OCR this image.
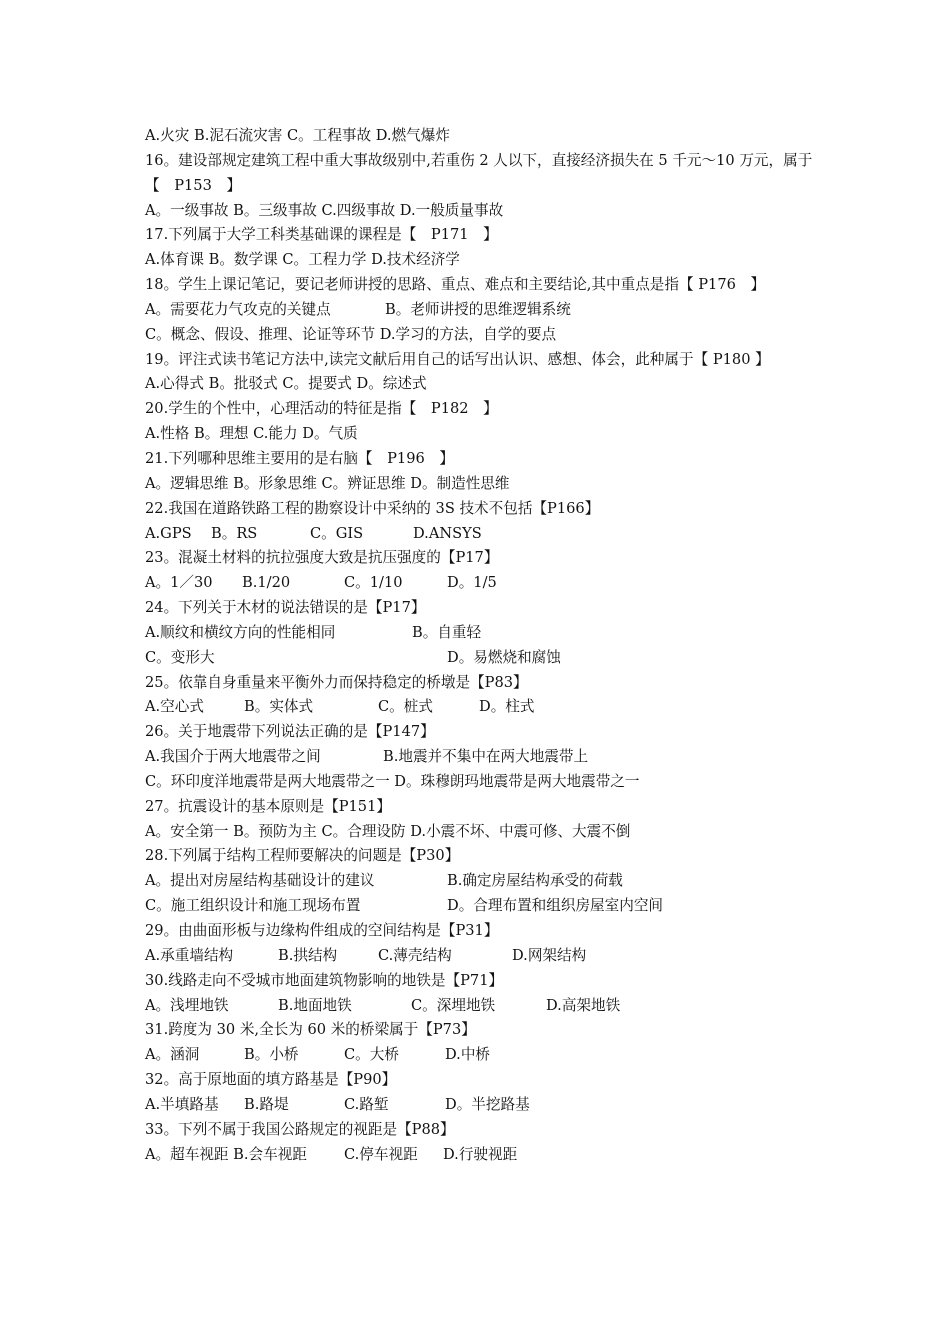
A.火灾 B.泥石流灾害 C。工程事故 D.燃气爆炸
16。建设部规定建筑工程中重大事故级别中,若重伤 2 人以下，直接经济损失在 5 千元～10 万元，属于【　P153　】
A。一级事故 B。三级事故 C.四级事故 D.一般质量事故
17.下列属于大学工科类基础课的课程是【　P171　】
A.体育课 B。数学课 C。工程力学 D.技术经济学
18。学生上课记笔记，要记老师讲授的思路、重点、难点和主要结论,其中重点是指【 P176　】
A。需要花力气攻克的关键点	B。老师讲授的思维逻辑系统
C。概念、假设、推理、论证等环节 D.学习的方法，自学的要点
19。评注式读书笔记方法中,读完文献后用自己的话写出认识、感想、体会，此种属于【 P180 】
A.心得式 B。批驳式 C。提要式 D。综述式
20.学生的个性中，心理活动的特征是指【　P182　】
A.性格 B。理想 C.能力 D。气质
21.下列哪种思维主要用的是右脑【　P196　】
A。逻辑思维 B。形象思维 C。辨证思维 D。制造性思维
22.我国在道路铁路工程的勘察设计中采纳的 3S 技术不包括【P166】
A.GPS B。RS	C。GIS	D.ANSYS
23。混凝土材料的抗拉强度大致是抗压强度的【P17】
A。1／30 B.1/20	C。1/10	D。1/5
24。下列关于木材的说法错误的是【P17】
A.顺纹和横纹方向的性能相同	B。自重轻
C。变形大	D。易燃烧和腐蚀
25。依靠自身重量来平衡外力而保持稳定的桥墩是【P83】
A.空心式	B。实体式	C。桩式	D。柱式
26。关于地震带下列说法正确的是【P147】
A.我国介于两大地震带之间	B.地震并不集中在两大地震带上
C。环印度洋地震带是两大地震带之一 D。珠穆朗玛地震带是两大地震带之一
27。抗震设计的基本原则是【P151】
A。安全第一 B。预防为主 C。合理设防 D.小震不坏、中震可修、大震不倒
28.下列属于结构工程师要解决的问题是【P30】
A。提出对房屋结构基础设计的建议	B.确定房屋结构承受的荷载
C。施工组织设计和施工现场布置	D。合理布置和组织房屋室内空间
29。由曲面形板与边缘构件组成的空间结构是【P31】
A.承重墙结构	B.拱结构	C.薄壳结构	D.网架结构
30.线路走向不受城市地面建筑物影响的地铁是【P71】
A。浅埋地铁	B.地面地铁	C。深埋地铁	D.高架地铁
31.跨度为 30 米,全长为 60 米的桥梁属于【P73】
A。涵洞	B。小桥	C。大桥	D.中桥
32。高于原地面的填方路基是【P90】
A.半填路基 B.路堤	C.路堑	D。半挖路基
33。下列不属于我国公路规定的视距是【P88】
A。超车视距 B.会车视距	C.停车视距 D.行驶视距
